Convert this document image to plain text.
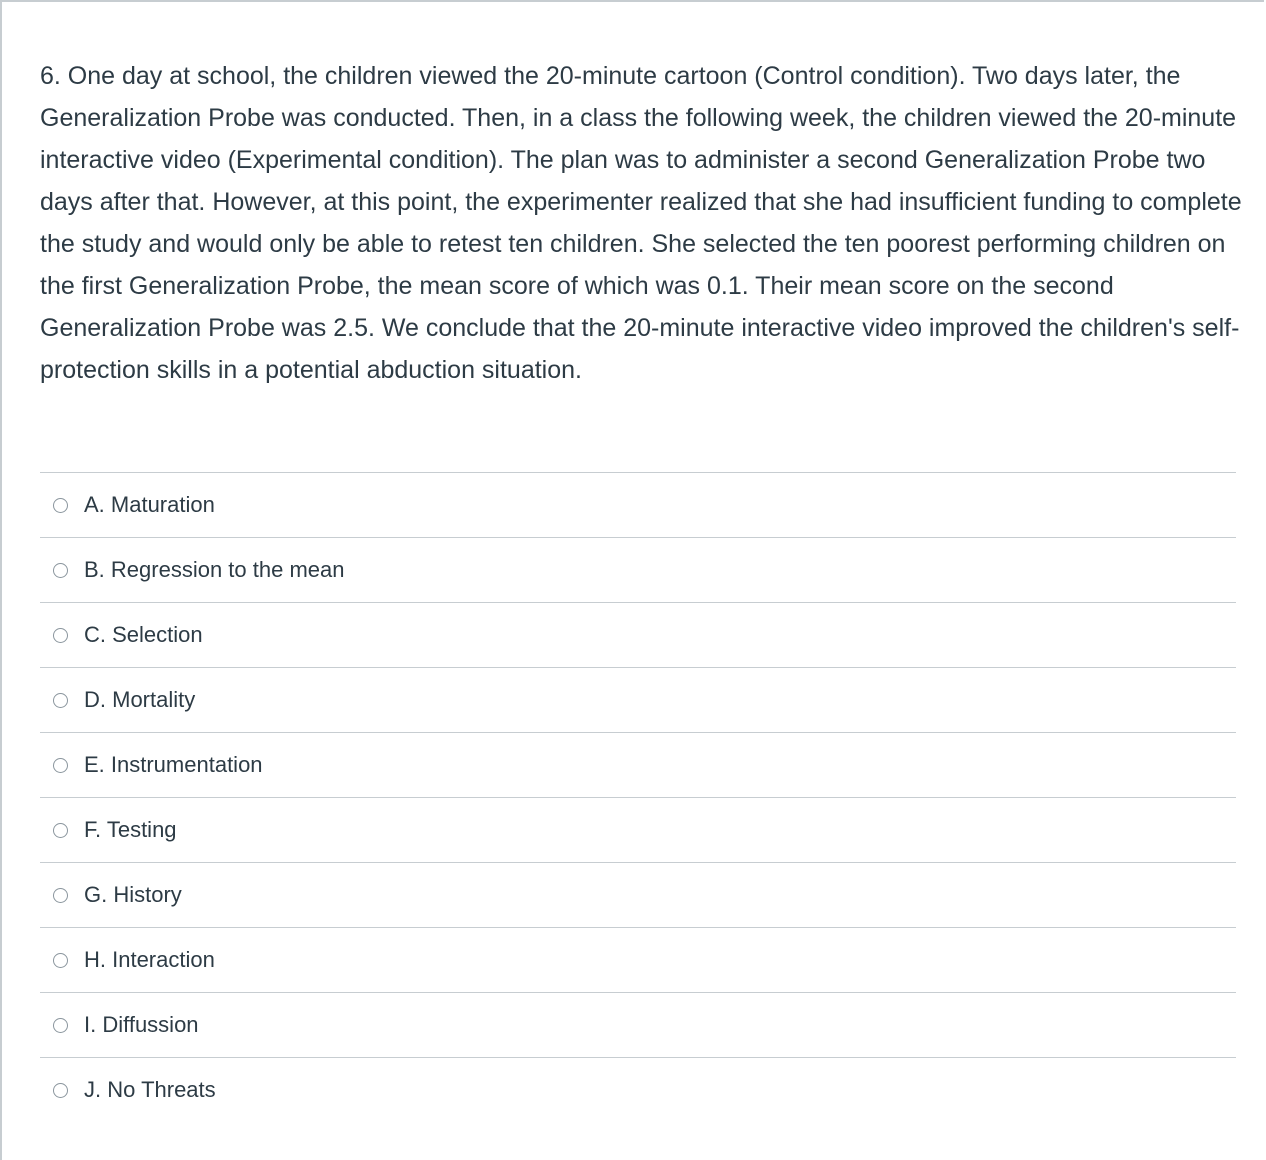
6. One day at school, the children viewed the 20-minute cartoon (Control condition). Two days later, the Generalization Probe was conducted. Then, in a class the following week, the children viewed the 20-minute interactive video (Experimental condition). The plan was to administer a second Generalization Probe two days after that. However, at this point, the experimenter realized that she had insufficient funding to complete the study and would only be able to retest ten children. She selected the ten poorest performing children on the first Generalization Probe, the mean score of which was 0.1. Their mean score on the second Generalization Probe was 2.5. We conclude that the 20-minute interactive video improved the children's self-protection skills in a potential abduction situation.

A. Maturation
B. Regression to the mean
C. Selection
D. Mortality
E. Instrumentation
F. Testing
G. History
H. Interaction
I. Diffussion
J. No Threats
